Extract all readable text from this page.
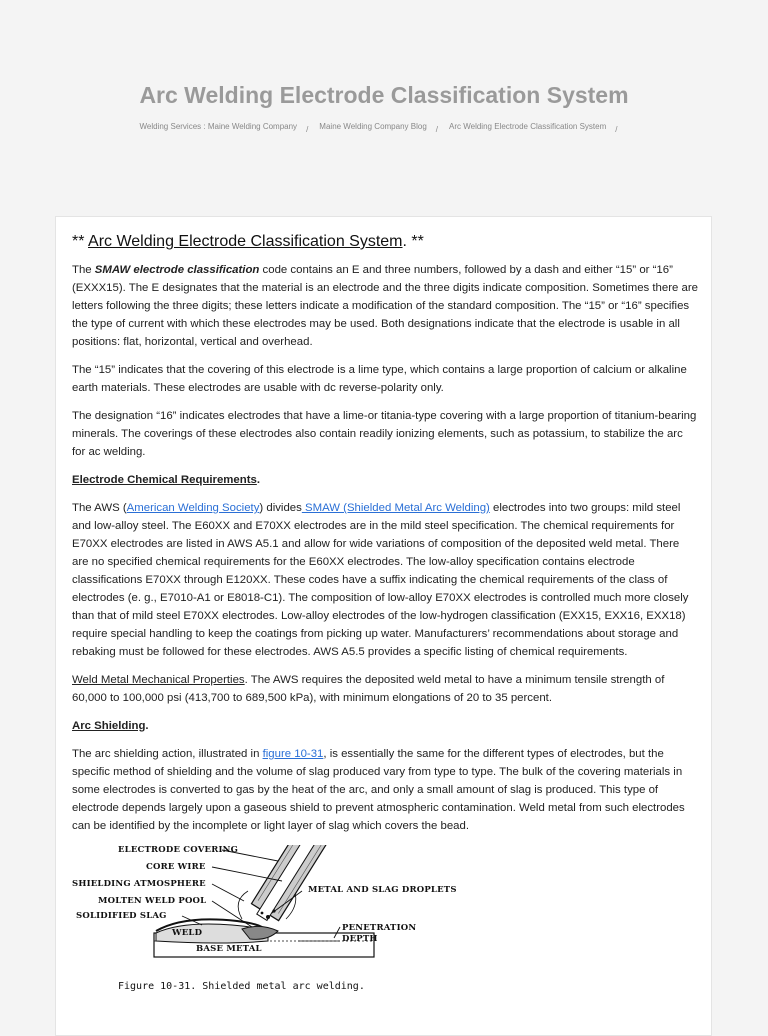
Arc Welding Electrode Classification System
Welding Services : Maine Welding Company / Maine Welding Company Blog / Arc Welding Electrode Classification System /
** Arc Welding Electrode Classification System. **

The SMAW electrode classification code contains an E and three numbers, followed by a dash and either “15” or “16” (EXXX15). The E designates that the material is an electrode and the three digits indicate composition. Sometimes there are letters following the three digits; these letters indicate a modification of the standard composition. The “15” or “16” specifies the type of current with which these electrodes may be used. Both designations indicate that the electrode is usable in all positions: flat, horizontal, vertical and overhead.

The “15” indicates that the covering of this electrode is a lime type, which contains a large proportion of calcium or alkaline earth materials. These electrodes are usable with dc reverse-polarity only.

The designation “16” indicates electrodes that have a lime-or titania-type covering with a large proportion of titanium-bearing minerals. The coverings of these electrodes also contain readily ionizing elements, such as potassium, to stabilize the arc for ac welding.

Electrode Chemical Requirements.

The AWS (American Welding Society) divides SMAW (Shielded Metal Arc Welding) electrodes into two groups: mild steel and low-alloy steel. The E60XX and E70XX electrodes are in the mild steel specification. The chemical requirements for E70XX electrodes are listed in AWS A5.1 and allow for wide variations of composition of the deposited weld metal. There are no specified chemical requirements for the E60XX electrodes. The low-alloy specification contains electrode classifications E70XX through E120XX. These codes have a suffix indicating the chemical requirements of the class of electrodes (e. g., E7010-A1 or E8018-C1). The composition of low-alloy E70XX electrodes is controlled much more closely than that of mild steel E70XX electrodes. Low-alloy electrodes of the low-hydrogen classification (EXX15, EXX16, EXX18) require special handling to keep the coatings from picking up water. Manufacturers’ recommendations about storage and rebaking must be followed for these electrodes. AWS A5.5 provides a specific listing of chemical requirements.

Weld Metal Mechanical Properties. The AWS requires the deposited weld metal to have a minimum tensile strength of 60,000 to 100,000 psi (413,700 to 689,500 kPa), with minimum elongations of 20 to 35 percent.

Arc Shielding.

The arc shielding action, illustrated in figure 10-31, is essentially the same for the different types of electrodes, but the specific method of shielding and the volume of slag produced vary from type to type. The bulk of the covering materials in some electrodes is converted to gas by the heat of the arc, and only a small amount of slag is produced. This type of electrode depends largely upon a gaseous shield to prevent atmospheric contamination. Weld metal from such electrodes can be identified by the incomplete or light layer of slag which covers the bead.

ELECTRODE COVERING
CORE WIRE
SHIELDING ATMOSPHERE
MOLTEN WELD POOL
SOLIDIFIED SLAG
WELD
BASE METAL
METAL AND SLAG DROPLETS
PENETRATION
DEPTH
Figure 10-31. Shielded metal arc welding.
